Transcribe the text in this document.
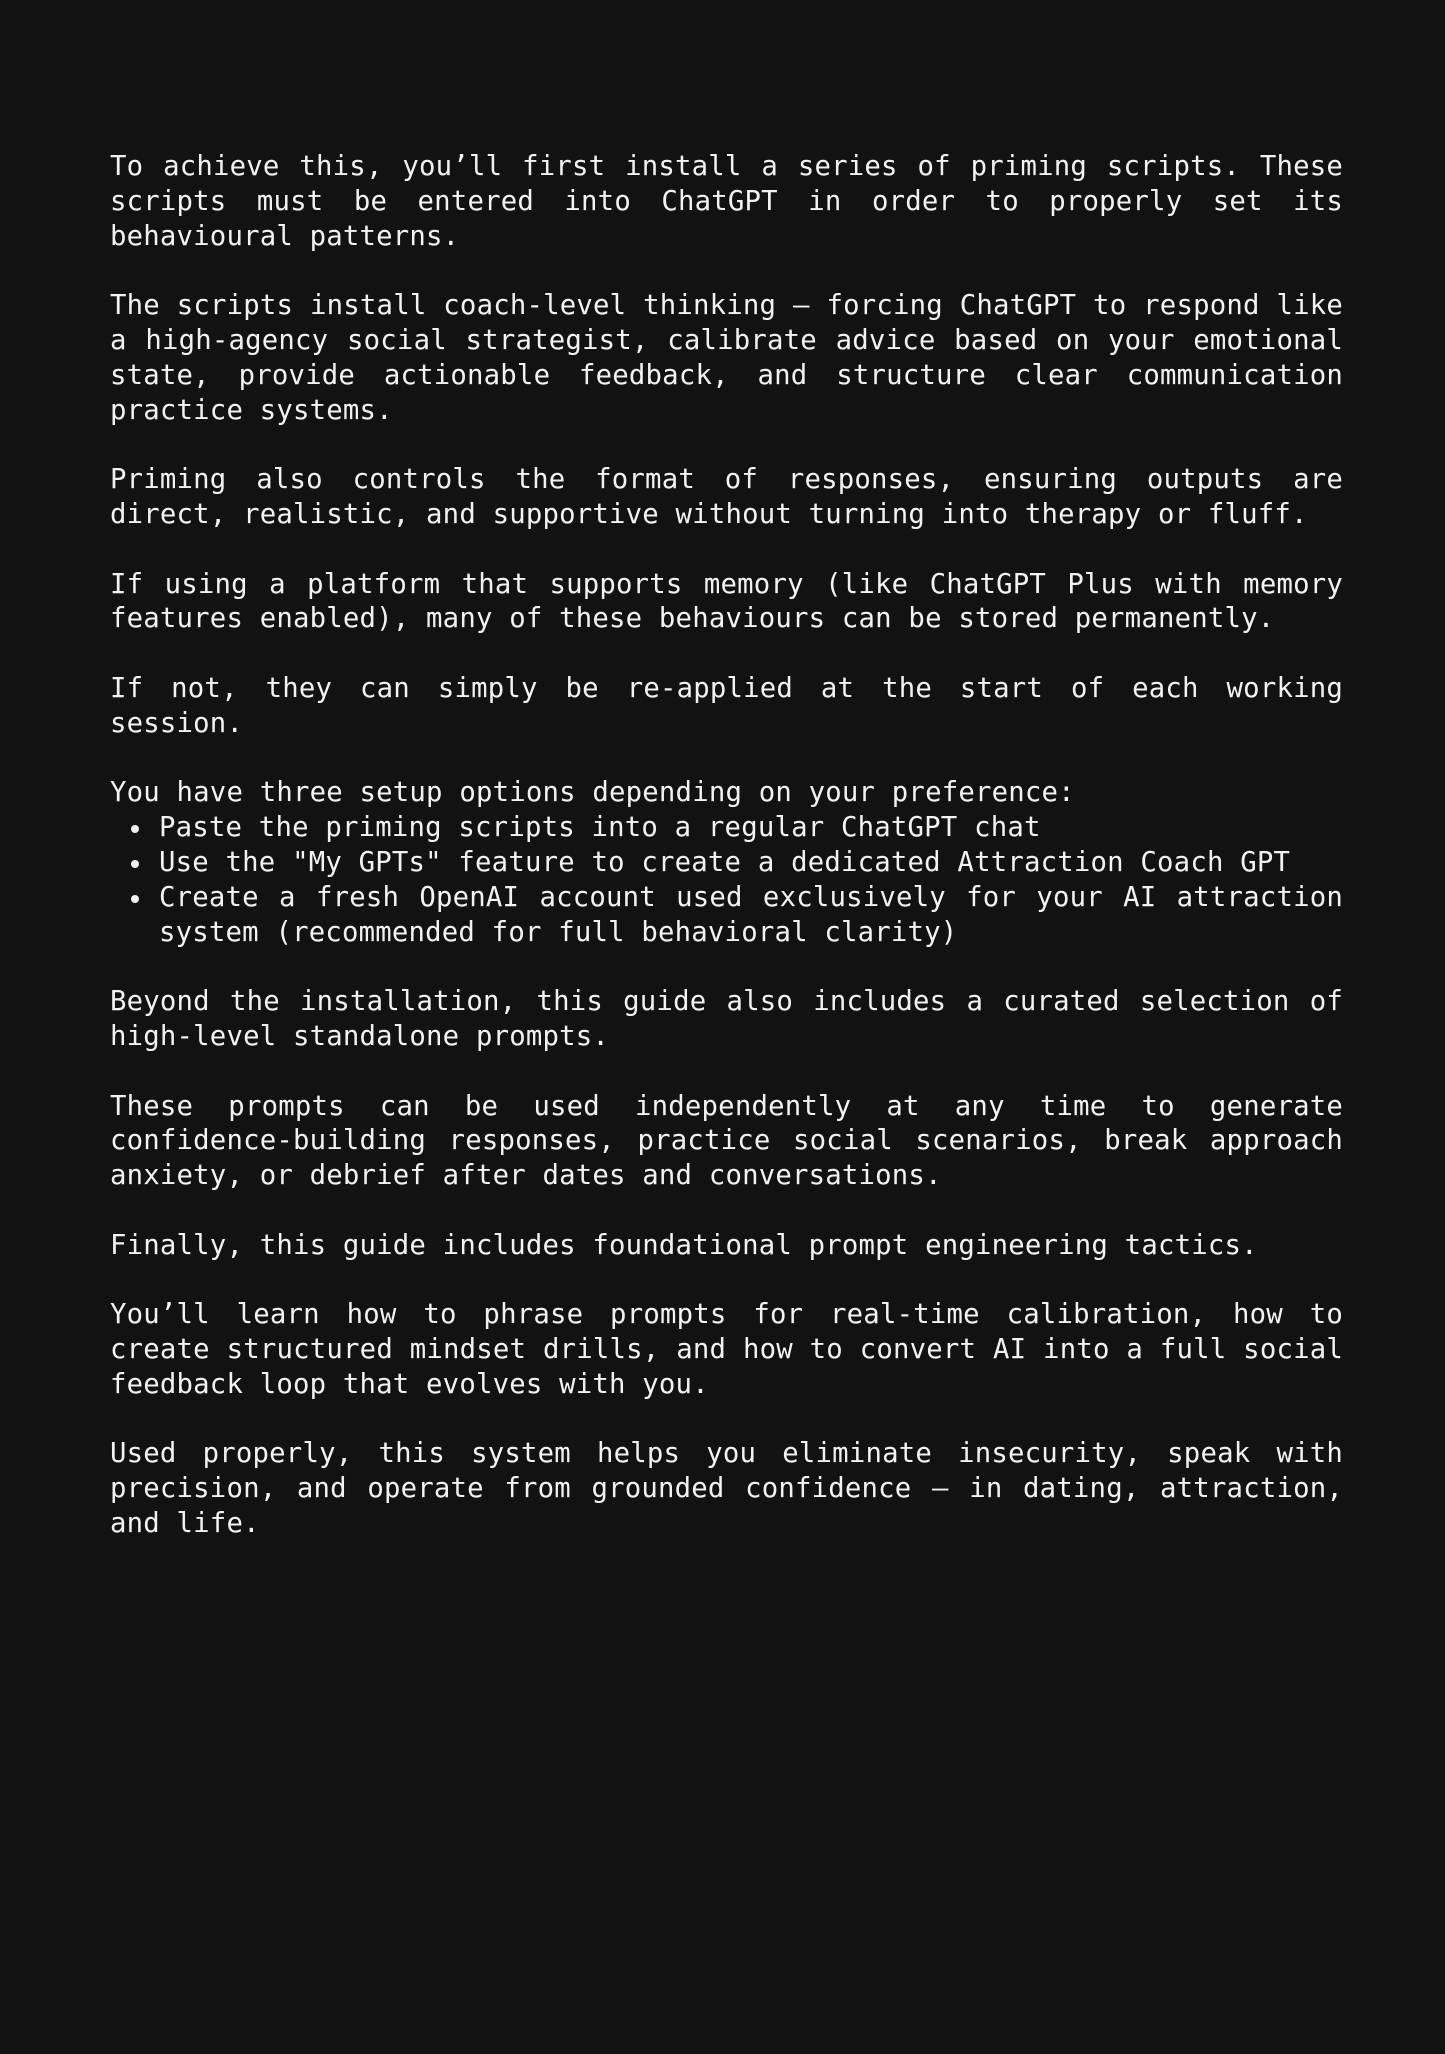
To achieve this, you’ll first install a series of priming scripts. These scripts must be entered into ChatGPT in order to properly set its behavioural patterns.

The scripts install coach-level thinking — forcing ChatGPT to respond like a high-agency social strategist, calibrate advice based on your emotional state, provide actionable feedback, and structure clear communication practice systems.

Priming also controls the format of responses, ensuring outputs are direct, realistic, and supportive without turning into therapy or fluff.

If using a platform that supports memory (like ChatGPT Plus with memory features enabled), many of these behaviours can be stored permanently.

If not, they can simply be re-applied at the start of each working session.

You have three setup options depending on your preference:

Paste the priming scripts into a regular ChatGPT chat
Use the "My GPTs" feature to create a dedicated Attraction Coach GPT
Create a fresh OpenAI account used exclusively for your AI attraction system (recommended for full behavioral clarity)

Beyond the installation, this guide also includes a curated selection of high-level standalone prompts.

These prompts can be used independently at any time to generate confidence-building responses, practice social scenarios, break approach anxiety, or debrief after dates and conversations.

Finally, this guide includes foundational prompt engineering tactics.

You’ll learn how to phrase prompts for real-time calibration, how to create structured mindset drills, and how to convert AI into a full social feedback loop that evolves with you.

Used properly, this system helps you eliminate insecurity, speak with precision, and operate from grounded confidence — in dating, attraction, and life.
